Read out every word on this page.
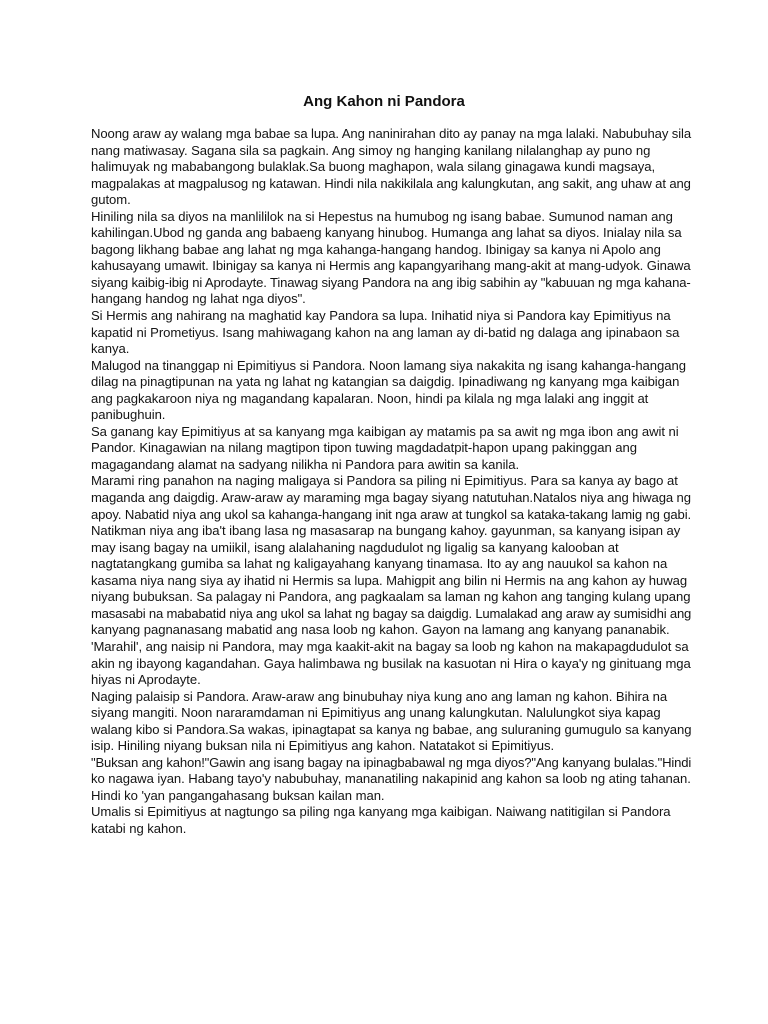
Ang Kahon ni Pandora
Noong araw ay walang mga babae sa lupa. Ang naninirahan dito ay panay na mga lalaki. Nabubuhay sila
nang matiwasay. Sagana sila sa pagkain. Ang simoy ng hanging kanilang nilalanghap ay puno ng
halimuyak ng mababangong bulaklak.Sa buong maghapon, wala silang ginagawa kundi magsaya,
magpalakas at magpalusog ng katawan. Hindi nila nakikilala ang kalungkutan, ang sakit, ang uhaw at ang
gutom.
Hiniling nila sa diyos na manlililok na si Hepestus na humubog ng isang babae. Sumunod naman ang
kahilingan.Ubod ng ganda ang babaeng kanyang hinubog. Humanga ang lahat sa diyos. Inialay nila sa
bagong likhang babae ang lahat ng mga kahanga-hangang handog. Ibinigay sa kanya ni Apolo ang
kahusayang umawit. Ibinigay sa kanya ni Hermis ang kapangyarihang mang-akit at mang-udyok. Ginawa
siyang kaibig-ibig ni Aprodayte. Tinawag siyang Pandora na ang ibig sabihin ay "kabuuan ng mga kahana-
hangang handog ng lahat nga diyos".
Si Hermis ang nahirang na maghatid kay Pandora sa lupa. Inihatid niya si Pandora kay Epimitiyus na
kapatid ni Prometiyus. Isang mahiwagang kahon na ang laman ay di-batid ng dalaga ang ipinabaon sa
kanya.
Malugod na tinanggap ni Epimitiyus si Pandora. Noon lamang siya nakakita ng isang kahanga-hangang
dilag na pinagtipunan na yata ng lahat ng katangian sa daigdig. Ipinadiwang ng kanyang mga kaibigan
ang pagkakaroon niya ng magandang kapalaran. Noon, hindi pa kilala ng mga lalaki ang inggit at
panibughuin.
Sa ganang kay Epimitiyus at sa kanyang mga kaibigan ay matamis pa sa awit ng mga ibon ang awit ni
Pandor. Kinagawian na nilang magtipon tipon tuwing magdadatpit-hapon upang pakinggan ang
magagandang alamat na sadyang nilikha ni Pandora para awitin sa kanila.
Marami ring panahon na naging maligaya si Pandora sa piling ni Epimitiyus. Para sa kanya ay bago at
maganda ang daigdig. Araw-araw ay maraming mga bagay siyang natutuhan.Natalos niya ang hiwaga ng
apoy. Nabatid niya ang ukol sa kahanga-hangang init nga araw at tungkol sa kataka-takang lamig ng gabi.
Natikman niya ang iba't ibang lasa ng masasarap na bungang kahoy. gayunman, sa kanyang isipan ay
may isang bagay na umiikil, isang alalahaning nagdudulot ng ligalig sa kanyang kalooban at
nagtatangkang gumiba sa lahat ng kaligayahang kanyang tinamasa. Ito ay ang nauukol sa kahon na
kasama niya nang siya ay ihatid ni Hermis sa lupa. Mahigpit ang bilin ni Hermis na ang kahon ay huwag
niyang bubuksan. Sa palagay ni Pandora, ang pagkaalam sa laman ng kahon ang tanging kulang upang
masasabi na mababatid niya ang ukol sa lahat ng bagay sa daigdig. Lumalakad ang araw ay sumisidhi ang
kanyang pagnanasang mabatid ang nasa loob ng kahon. Gayon na lamang ang kanyang pananabik.
'Marahil', ang naisip ni Pandora, may mga kaakit-akit na bagay sa loob ng kahon na makapagdudulot sa
akin ng ibayong kagandahan. Gaya halimbawa ng busilak na kasuotan ni Hira o kaya'y ng ginituang mga
hiyas ni Aprodayte.
Naging palaisip si Pandora. Araw-araw ang binubuhay niya kung ano ang laman ng kahon. Bihira na
siyang mangiti. Noon nararamdaman ni Epimitiyus ang unang kalungkutan. Nalulungkot siya kapag
walang kibo si Pandora.Sa wakas, ipinagtapat sa kanya ng babae, ang suluraning gumugulo sa kanyang
isip. Hiniling niyang buksan nila ni Epimitiyus ang kahon. Natatakot si Epimitiyus.
"Buksan ang kahon!"Gawin ang isang bagay na ipinagbabawal ng mga diyos?"Ang kanyang bulalas."Hindi
ko nagawa iyan. Habang tayo'y nabubuhay, mananatiling nakapinid ang kahon sa loob ng ating tahanan.
Hindi ko 'yan pangangahasang buksan kailan man.
Umalis si Epimitiyus at nagtungo sa piling nga kanyang mga kaibigan. Naiwang natitigilan si Pandora
katabi ng kahon.
